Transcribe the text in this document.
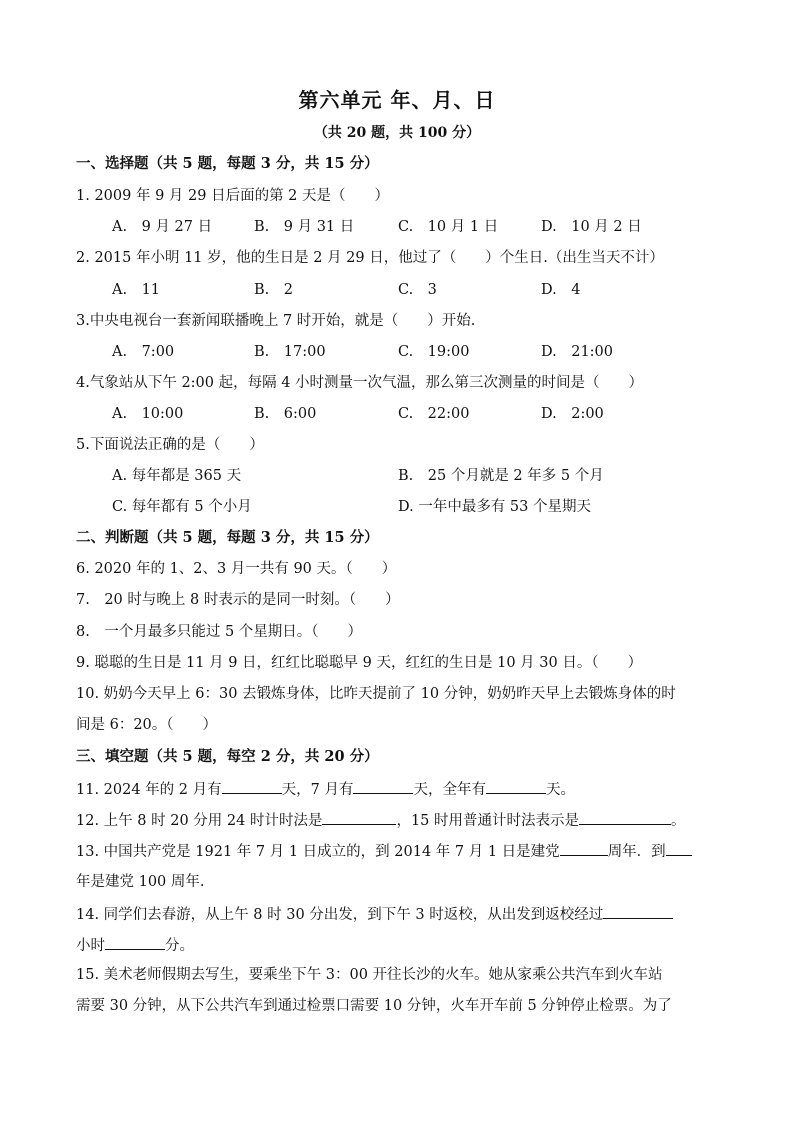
第六单元 年、月、日
（共 20 题，共 100 分）
一、选择题（共 5 题，每题 3 分，共 15 分）
1. 2009 年 9 月 29 日后面的第 2 天是（　　）
A.　9 月 27 日	B.　9 月 31 日	C.　10 月 1 日	D.　10 月 2 日
2. 2015 年小明 11 岁，他的生日是 2 月 29 日，他过了（　　）个生日.（出生当天不计）
A.　11	B.　2	C.　3	D.　4
3.中央电视台一套新闻联播晚上 7 时开始，就是（　　）开始.
A.　7:00	B.　17:00	C.　19:00	D.　21:00
4.气象站从下午 2:00 起，每隔 4 小时测量一次气温，那么第三次测量的时间是（　　）
A.　10:00	B.　6:00	C.　22:00	D.　2:00
5.下面说法正确的是（　　）
A. 每年都是 365 天	B.　25 个月就是 2 年多 5 个月
C. 每年都有 5 个小月	D. 一年中最多有 53 个星期天
二、判断题（共 5 题，每题 3 分，共 15 分）
6. 2020 年的 1、2、3 月一共有 90 天。（　　）
7.　20 时与晚上 8 时表示的是同一时刻。（　　）
8.　一个月最多只能过 5 个星期日。（　　）
9. 聪聪的生日是 11 月 9 日，红红比聪聪早 9 天，红红的生日是 10 月 30 日。（　　）
10. 奶奶今天早上 6：30 去锻炼身体，比昨天提前了 10 分钟，奶奶昨天早上去锻炼身体的时
间是 6：20。（　　）
三、填空题（共 5 题，每空 2 分，共 20 分）
11. 2024 年的 2 月有	天，7 月有	天，全年有	天。
12. 上午 8 时 20 分用 24 时计时法是	，15 时用普通计时法表示是	。
13. 中国共产党是 1921 年 7 月 1 日成立的，到 2014 年 7 月 1 日是建党	周年．到
年是建党 100 周年.
14. 同学们去春游，从上午 8 时 30 分出发，到下午 3 时返校，从出发到返校经过
小时	分。
15. 美术老师假期去写生，要乘坐下午 3：00 开往长沙的火车。她从家乘公共汽车到火车站
需要 30 分钟，从下公共汽车到通过检票口需要 10 分钟，火车开车前 5 分钟停止检票。为了
